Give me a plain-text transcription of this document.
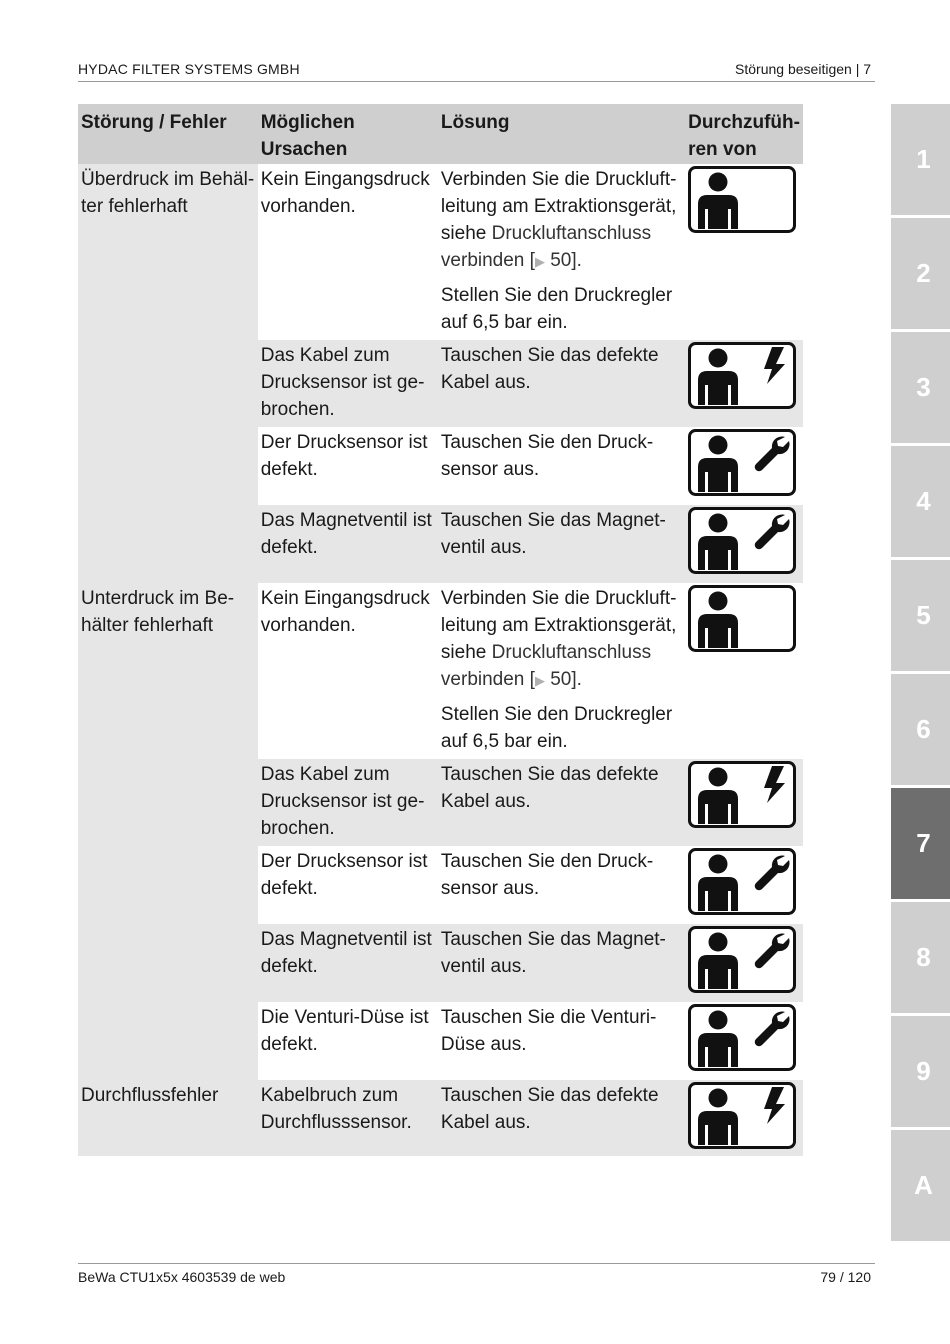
HYDAC FILTER SYSTEMS GMBH	Störung beseitigen | 7
Störung / Fehler	Möglichen Ursachen	Lösung	Durchzufüh-ren von
Überdruck im Behäl-ter fehlerhaft	Kein Eingangsdruck vorhanden.	Verbinden Sie die Druckluft-leitung am Extraktionsgerät, siehe Druckluftanschluss verbinden [▶ 50].
Stellen Sie den Druckregler auf 6,5 bar ein.

	Das Kabel zum Drucksensor ist ge-brochen.	Tauschen Sie das defekte Kabel aus.	

	Der Drucksensor ist defekt.	Tauschen Sie den Druck-sensor aus.	

	Das Magnetventil ist defekt.	Tauschen Sie das Magnet-ventil aus.	

Unterdruck im Be-hälter fehlerhaft	Kein Eingangsdruck vorhanden.	Verbinden Sie die Druckluft-leitung am Extraktionsgerät, siehe Druckluftanschluss verbinden [▶ 50].
Stellen Sie den Druckregler auf 6,5 bar ein.

	Das Kabel zum Drucksensor ist ge-brochen.	Tauschen Sie das defekte Kabel aus.	

	Der Drucksensor ist defekt.	Tauschen Sie den Druck-sensor aus.	

	Das Magnetventil ist defekt.	Tauschen Sie das Magnet-ventil aus.	

	Die Venturi-Düse ist defekt.	Tauschen Sie die Venturi-Düse aus.	

Durchflussfehler	Kabelbruch zum Durchflusssensor.	Tauschen Sie das defekte Kabel aus.	
1
2
3
4
5
6
7
8
9
A
BeWa CTU1x5x 4603539 de web	79 / 120
